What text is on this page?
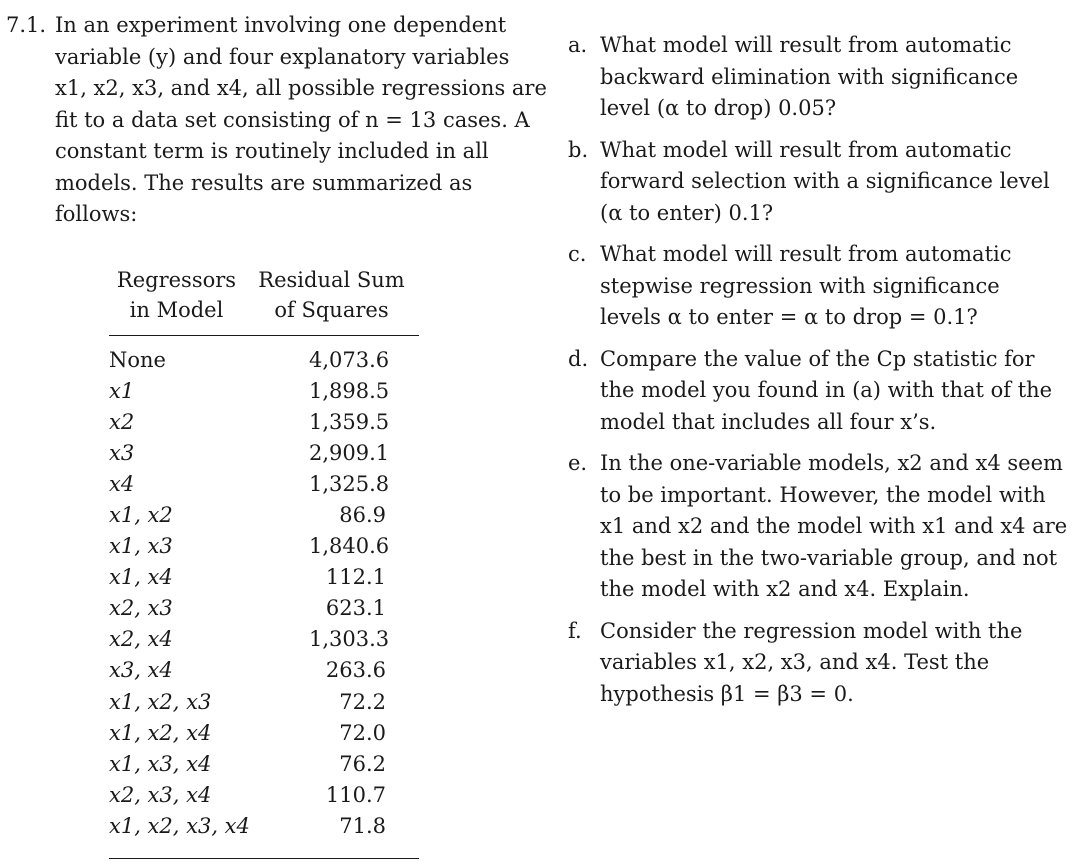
7.1. In an experiment involving one dependent
variable (y) and four explanatory variables
x1, x2, x3, and x4, all possible regressions are
fit to a data set consisting of n = 13 cases. A
constant term is routinely included in all
models. The results are summarized as
follows:
Regressors
in Model
Residual Sum
of Squares
None	4,073.6
x1	1,898.5
x2	1,359.5
x3	2,909.1
x4	1,325.8
x1, x2	86.9
x1, x3	1,840.6
x1, x4	112.1
x2, x3	623.1
x2, x4	1,303.3
x3, x4	263.6
x1, x2, x3	72.2
x1, x2, x4	72.0
x1, x3, x4	76.2
x2, x3, x4	110.7
x1, x2, x3, x4	71.8
a. What model will result from automatic
backward elimination with significance
level (α to drop) 0.05?
b. What model will result from automatic
forward selection with a significance level
(α to enter) 0.1?
c. What model will result from automatic
stepwise regression with significance
levels α to enter = α to drop = 0.1?
d. Compare the value of the Cp statistic for
the model you found in (a) with that of the
model that includes all four x’s.
e. In the one-variable models, x2 and x4 seem
to be important. However, the model with
x1 and x2 and the model with x1 and x4 are
the best in the two-variable group, and not
the model with x2 and x4. Explain.
f. Consider the regression model with the
variables x1, x2, x3, and x4. Test the
hypothesis β1 = β3 = 0.
